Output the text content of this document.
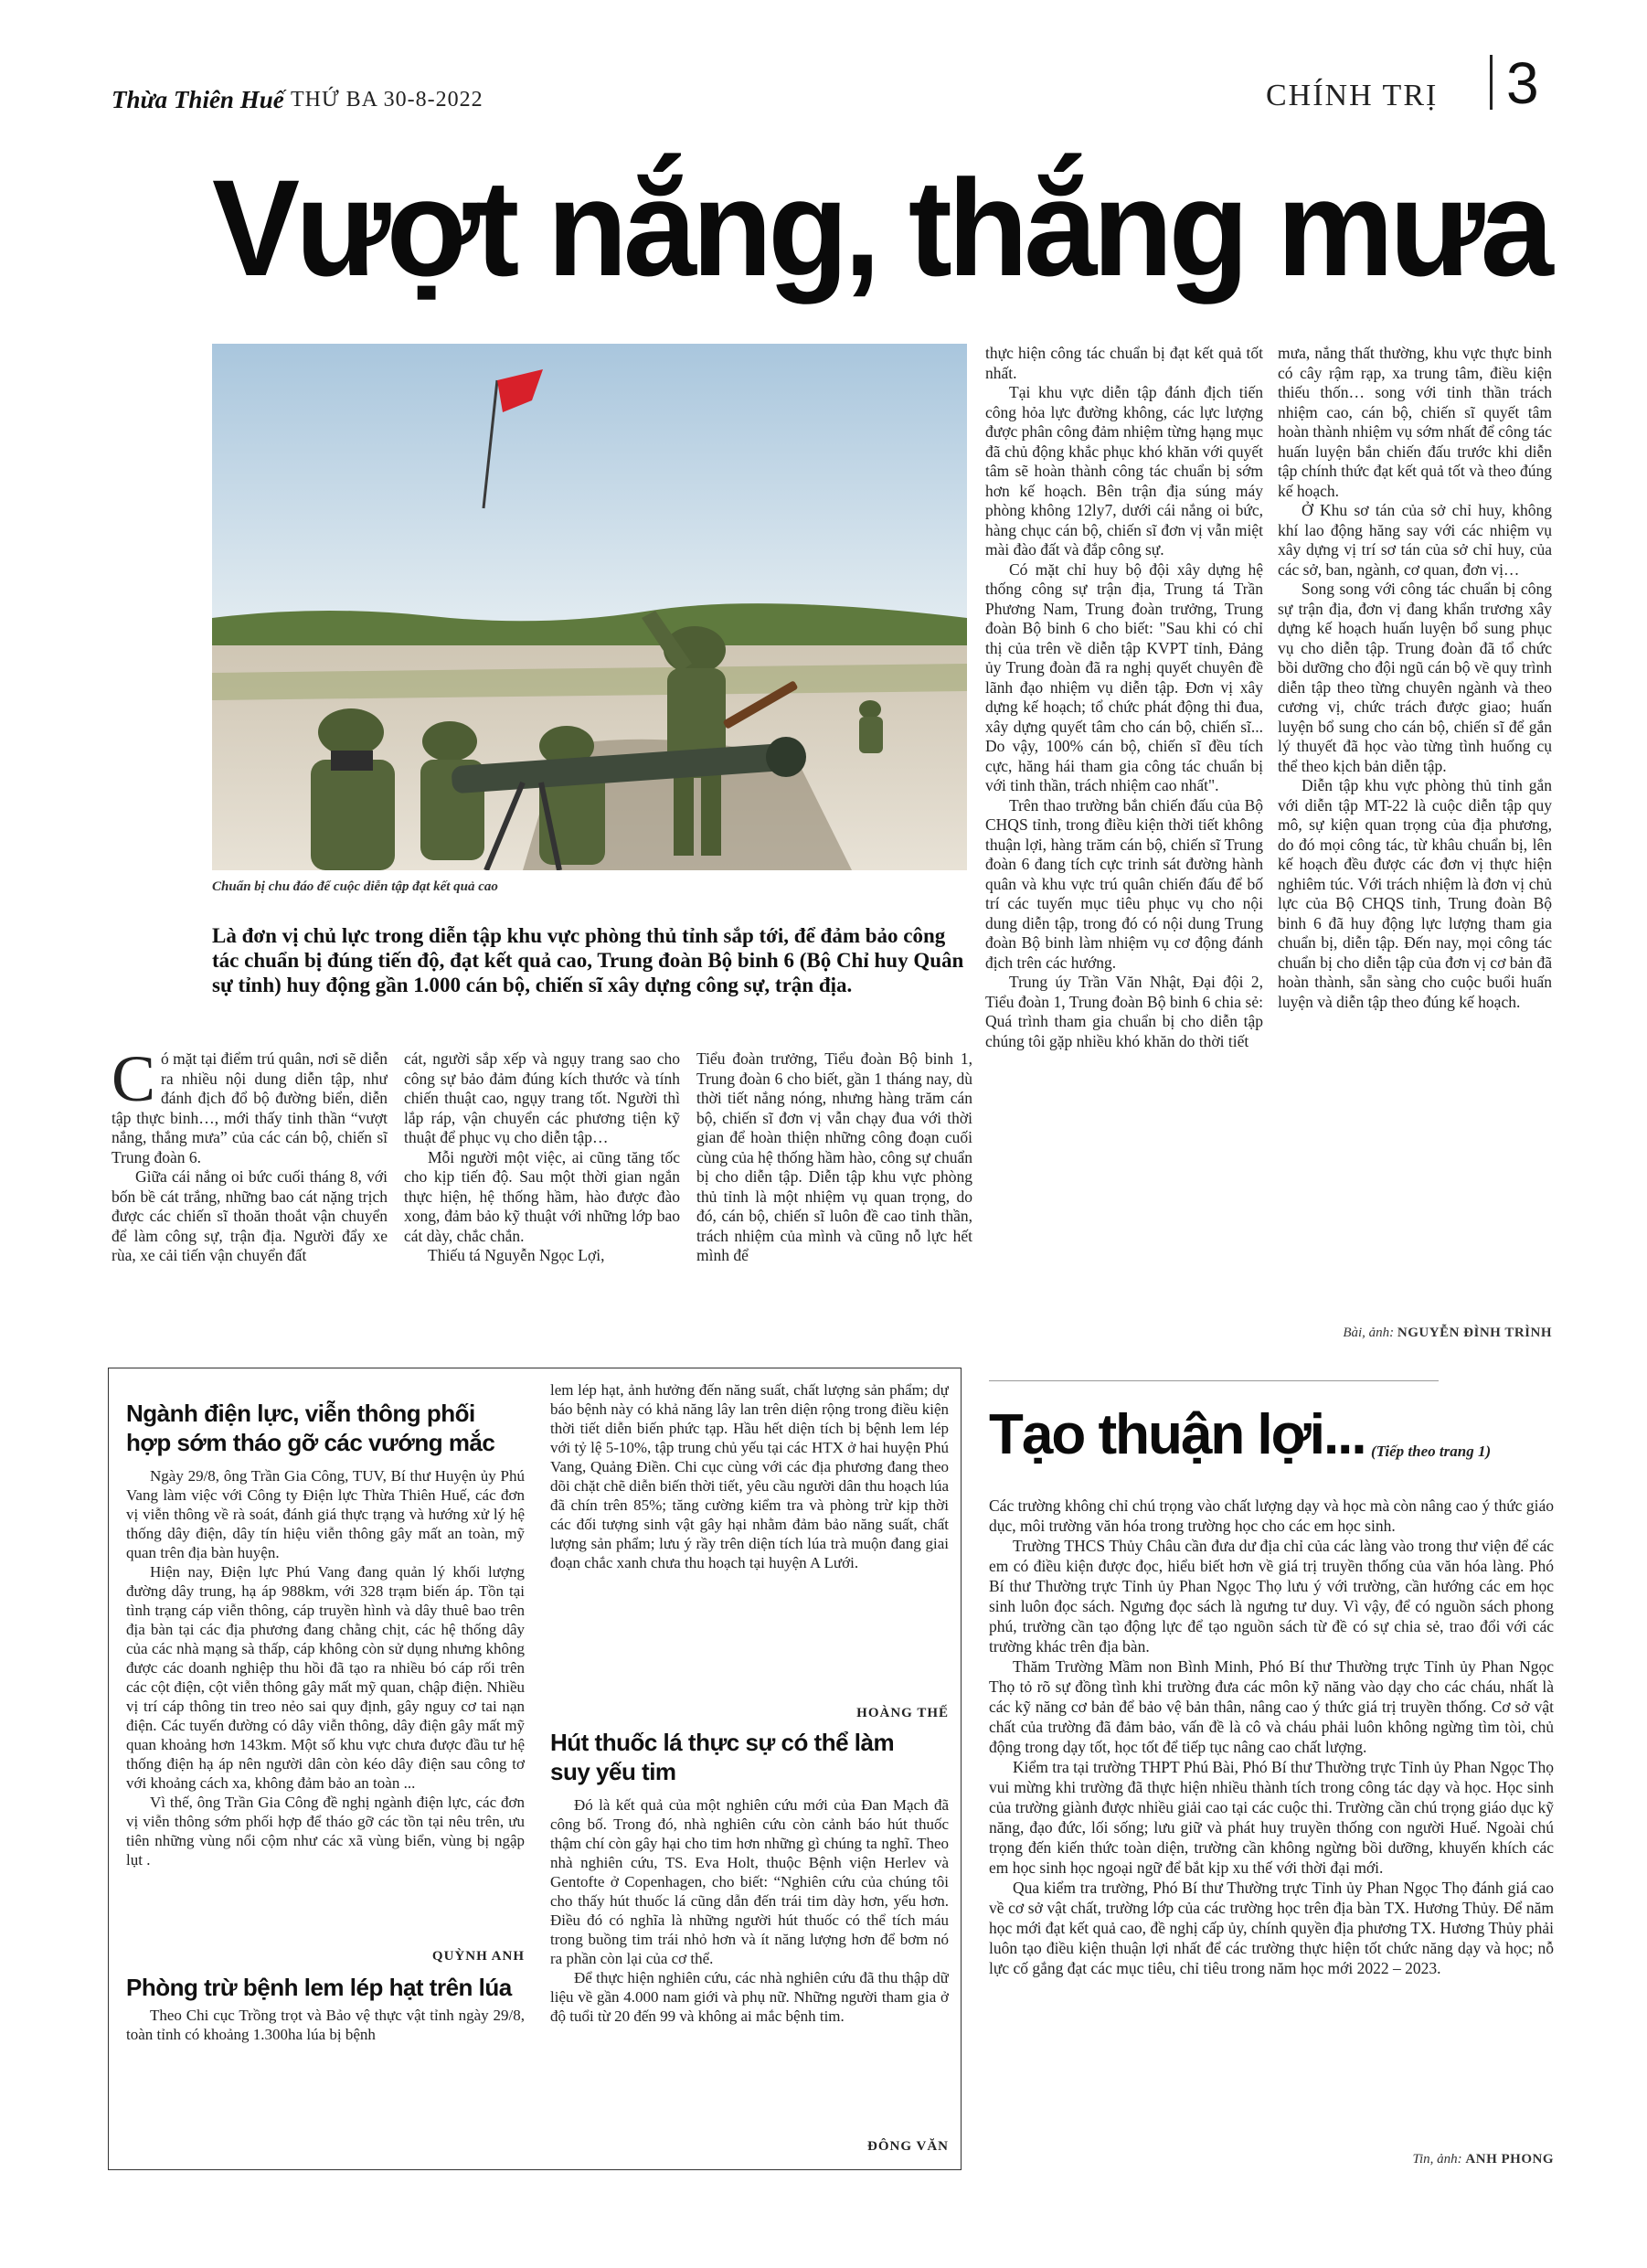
Thừa Thiên Huế THỨ BA 30-8-2022	CHÍNH TRỊ 3
Vượt nắng, thắng mưa
Chuẩn bị chu đáo để cuộc diễn tập đạt kết quả cao
Là đơn vị chủ lực trong diễn tập khu vực phòng thủ tỉnh sắp tới, để đảm bảo công tác chuẩn bị đúng tiến độ, đạt kết quả cao, Trung đoàn Bộ binh 6 (Bộ Chỉ huy Quân sự tỉnh) huy động gần 1.000 cán bộ, chiến sĩ xây dựng công sự, trận địa.
C ó mặt tại điểm trú quân, nơi sẽ diễn ra nhiều nội dung diễn tập, như đánh địch đổ bộ đường biển, diễn tập thực binh…, mới thấy tinh thần “vượt nắng, thắng mưa” của các cán bộ, chiến sĩ Trung đoàn 6.

Giữa cái nắng oi bức cuối tháng 8, với bốn bề cát trắng, những bao cát nặng trịch được các chiến sĩ thoăn thoắt vận chuyển để làm công sự, trận địa. Người đẩy xe rùa, xe cải tiến vận chuyển đất

cát, người sắp xếp và ngụy trang sao cho công sự bảo đảm đúng kích thước và tính chiến thuật cao, ngụy trang tốt. Người thì lắp ráp, vận chuyển các phương tiện kỹ thuật để phục vụ cho diễn tập…

Mỗi người một việc, ai cũng tăng tốc cho kịp tiến độ. Sau một thời gian ngắn thực hiện, hệ thống hầm, hào được đào xong, đảm bảo kỹ thuật với những lớp bao cát dày, chắc chắn.

Thiếu tá Nguyễn Ngọc Lợi,

Tiểu đoàn trưởng, Tiểu đoàn Bộ binh 1, Trung đoàn 6 cho biết, gần 1 tháng nay, dù thời tiết nắng nóng, nhưng hàng trăm cán bộ, chiến sĩ đơn vị vẫn chạy đua với thời gian để hoàn thiện những công đoạn cuối cùng của hệ thống hầm hào, công sự chuẩn bị cho diễn tập. Diễn tập khu vực phòng thủ tỉnh là một nhiệm vụ quan trọng, do đó, cán bộ, chiến sĩ luôn đề cao tinh thần, trách nhiệm của mình và cũng nỗ lực hết mình để

thực hiện công tác chuẩn bị đạt kết quả tốt nhất.

Tại khu vực diễn tập đánh địch tiến công hỏa lực đường không, các lực lượng được phân công đảm nhiệm từng hạng mục đã chủ động khắc phục khó khăn với quyết tâm sẽ hoàn thành công tác chuẩn bị sớm hơn kế hoạch. Bên trận địa súng máy phòng không 12ly7, dưới cái nắng oi bức, hàng chục cán bộ, chiến sĩ đơn vị vẫn miệt mài đào đất và đắp công sự.

Có mặt chỉ huy bộ đội xây dựng hệ thống công sự trận địa, Trung tá Trần Phương Nam, Trung đoàn trưởng, Trung đoàn Bộ binh 6 cho biết: "Sau khi có chỉ thị của trên về diễn tập KVPT tỉnh, Đảng ủy Trung đoàn đã ra nghị quyết chuyên đề lãnh đạo nhiệm vụ diễn tập. Đơn vị xây dựng kế hoạch; tổ chức phát động thi đua, xây dựng quyết tâm cho cán bộ, chiến sĩ... Do vậy, 100% cán bộ, chiến sĩ đều tích cực, hăng hái tham gia công tác chuẩn bị với tinh thần, trách nhiệm cao nhất".

Trên thao trường bắn chiến đấu của Bộ CHQS tỉnh, trong điều kiện thời tiết không thuận lợi, hàng trăm cán bộ, chiến sĩ Trung đoàn 6 đang tích cực trinh sát đường hành quân và khu vực trú quân chiến đấu để bố trí các tuyến mục tiêu phục vụ cho nội dung diễn tập, trong đó có nội dung Trung đoàn Bộ binh làm nhiệm vụ cơ động đánh địch trên các hướng.

Trung úy Trần Văn Nhật, Đại đội 2, Tiểu đoàn 1, Trung đoàn Bộ binh 6 chia sẻ: Quá trình tham gia chuẩn bị cho diễn tập chúng tôi gặp nhiều khó khăn do thời tiết

mưa, nắng thất thường, khu vực thực binh có cây rậm rạp, xa trung tâm, điều kiện thiếu thốn… song với tinh thần trách nhiệm cao, cán bộ, chiến sĩ quyết tâm hoàn thành nhiệm vụ sớm nhất để công tác huấn luyện bắn chiến đấu trước khi diễn tập chính thức đạt kết quả tốt và theo đúng kế hoạch.

Ở Khu sơ tán của sở chỉ huy, không khí lao động hăng say với các nhiệm vụ xây dựng vị trí sơ tán của sở chỉ huy, của các sở, ban, ngành, cơ quan, đơn vị…

Song song với công tác chuẩn bị công sự trận địa, đơn vị đang khẩn trương xây dựng kế hoạch huấn luyện bổ sung phục vụ cho diễn tập. Trung đoàn đã tổ chức bồi dưỡng cho đội ngũ cán bộ về quy trình diễn tập theo từng chuyên ngành và theo cương vị, chức trách được giao; huấn luyện bổ sung cho cán bộ, chiến sĩ để gắn lý thuyết đã học vào từng tình huống cụ thể theo kịch bản diễn tập.

Diễn tập khu vực phòng thủ tỉnh gắn với diễn tập MT-22 là cuộc diễn tập quy mô, sự kiện quan trọng của địa phương, do đó mọi công tác, từ khâu chuẩn bị, lên kế hoạch đều được các đơn vị thực hiện nghiêm túc. Với trách nhiệm là đơn vị chủ lực của Bộ CHQS tỉnh, Trung đoàn Bộ binh 6 đã huy động lực lượng tham gia chuẩn bị, diễn tập. Đến nay, mọi công tác chuẩn bị cho diễn tập của đơn vị cơ bản đã hoàn thành, sẵn sàng cho cuộc buổi huấn luyện và diễn tập theo đúng kế hoạch.

Bài, ảnh: NGUYỄN ĐÌNH TRÌNH
Ngành điện lực, viễn thông phối hợp sớm tháo gỡ các vướng mắc

Ngày 29/8, ông Trần Gia Công, TUV, Bí thư Huyện ủy Phú Vang làm việc với Công ty Điện lực Thừa Thiên Huế, các đơn vị viễn thông về rà soát, đánh giá thực trạng và hướng xử lý hệ thống dây điện, dây tín hiệu viễn thông gây mất an toàn, mỹ quan trên địa bàn huyện.

Hiện nay, Điện lực Phú Vang đang quản lý khối lượng đường dây trung, hạ áp 988km, với 328 trạm biến áp. Tồn tại tình trạng cáp viễn thông, cáp truyền hình và dây thuê bao trên địa bàn tại các địa phương đang chằng chịt, các hệ thống dây của các nhà mạng sà thấp, cáp không còn sử dụng nhưng không được các doanh nghiệp thu hồi đã tạo ra nhiều bó cáp rối trên các cột điện, cột viễn thông gây mất mỹ quan, chập điện. Nhiều vị trí cáp thông tin treo nẻo sai quy định, gây nguy cơ tai nạn điện. Các tuyến đường có dây viễn thông, dây điện gây mất mỹ quan khoảng hơn 143km. Một số khu vực chưa được đầu tư hệ thống điện hạ áp nên người dân còn kéo dây điện sau công tơ với khoảng cách xa, không đảm bảo an toàn ...

Vì thế, ông Trần Gia Công đề nghị ngành điện lực, các đơn vị viễn thông sớm phối hợp để tháo gỡ các tồn tại nêu trên, ưu tiên những vùng nổi cộm như các xã vùng biển, vùng bị ngập lụt .

QUỲNH ANH
Phòng trừ bệnh lem lép hạt trên lúa

Theo Chi cục Trồng trọt và Bảo vệ thực vật tỉnh ngày 29/8, toàn tỉnh có khoảng 1.300ha lúa bị bệnh

lem lép hạt, ảnh hưởng đến năng suất, chất lượng sản phẩm; dự báo bệnh này có khả năng lây lan trên diện rộng trong điều kiện thời tiết diễn biến phức tạp. Hầu hết diện tích bị bệnh lem lép với tỷ lệ 5-10%, tập trung chủ yếu tại các HTX ở hai huyện Phú Vang, Quảng Điền. Chi cục cùng với các địa phương đang theo dõi chặt chẽ diễn biến thời tiết, yêu cầu người dân thu hoạch lúa đã chín trên 85%; tăng cường kiểm tra và phòng trừ kịp thời các đối tượng sinh vật gây hại nhằm đảm bảo năng suất, chất lượng sản phẩm; lưu ý rầy trên diện tích lúa trà muộn đang giai đoạn chắc xanh chưa thu hoạch tại huyện A Lưới.

HOÀNG THẾ
Hút thuốc lá thực sự có thể làm suy yếu tim

Đó là kết quả của một nghiên cứu mới của Đan Mạch đã công bố. Trong đó, nhà nghiên cứu còn cảnh báo hút thuốc thậm chí còn gây hại cho tim hơn những gì chúng ta nghĩ. Theo nhà nghiên cứu, TS. Eva Holt, thuộc Bệnh viện Herlev và Gentofte ở Copenhagen, cho biết: “Nghiên cứu của chúng tôi cho thấy hút thuốc lá cũng dẫn đến trái tim dày hơn, yếu hơn. Điều đó có nghĩa là những người hút thuốc có thể tích máu trong buồng tim trái nhỏ hơn và ít năng lượng hơn để bơm nó ra phần còn lại của cơ thể.

Để thực hiện nghiên cứu, các nhà nghiên cứu đã thu thập dữ liệu về gần 4.000 nam giới và phụ nữ. Những người tham gia ở độ tuổi từ 20 đến 99 và không ai mắc bệnh tim.

ĐÔNG VĂN
Tạo thuận lợi... (Tiếp theo trang 1)

Các trường không chỉ chú trọng vào chất lượng dạy và học mà còn nâng cao ý thức giáo dục, môi trường văn hóa trong trường học cho các em học sinh.

Trường THCS Thủy Châu cần đưa dư địa chỉ của các làng vào trong thư viện để các em có điều kiện được đọc, hiểu biết hơn về giá trị truyền thống của văn hóa làng. Phó Bí thư Thường trực Tỉnh ủy Phan Ngọc Thọ lưu ý với trường, cần hướng các em học sinh luôn đọc sách. Ngưng đọc sách là ngưng tư duy. Vì vậy, để có nguồn sách phong phú, trường cần tạo động lực để tạo nguồn sách từ đề có sự chia sẻ, trao đổi với các trường khác trên địa bàn.

Thăm Trường Mầm non Bình Minh, Phó Bí thư Thường trực Tỉnh ủy Phan Ngọc Thọ tỏ rõ sự đồng tình khi trường đưa các môn kỹ năng vào dạy cho các cháu, nhất là các kỹ năng cơ bản để bảo vệ bản thân, nâng cao ý thức giá trị truyền thống. Cơ sở vật chất của trường đã đảm bảo, vấn đề là cô và cháu phải luôn không ngừng tìm tòi, chủ động trong dạy tốt, học tốt để tiếp tục nâng cao chất lượng.

Kiểm tra tại trường THPT Phú Bài, Phó Bí thư Thường trực Tỉnh ủy Phan Ngọc Thọ vui mừng khi trường đã thực hiện nhiều thành tích trong công tác dạy và học. Học sinh của trường giành được nhiều giải cao tại các cuộc thi. Trường cần chú trọng giáo dục kỹ năng, đạo đức, lối sống; lưu giữ và phát huy truyền thống con người Huế. Ngoài chú trọng đến kiến thức toàn diện, trường cần không ngừng bồi dưỡng, khuyến khích các em học sinh học ngoại ngữ để bắt kịp xu thế với thời đại mới.

Qua kiểm tra trường, Phó Bí thư Thường trực Tỉnh ủy Phan Ngọc Thọ đánh giá cao về cơ sở vật chất, trường lớp của các trường học trên địa bàn TX. Hương Thủy. Để năm học mới đạt kết quả cao, đề nghị cấp ủy, chính quyền địa phương TX. Hương Thủy phải luôn tạo điều kiện thuận lợi nhất để các trường thực hiện tốt chức năng dạy và học; nỗ lực cố gắng đạt các mục tiêu, chỉ tiêu trong năm học mới 2022 – 2023.

Tin, ảnh: ANH PHONG
